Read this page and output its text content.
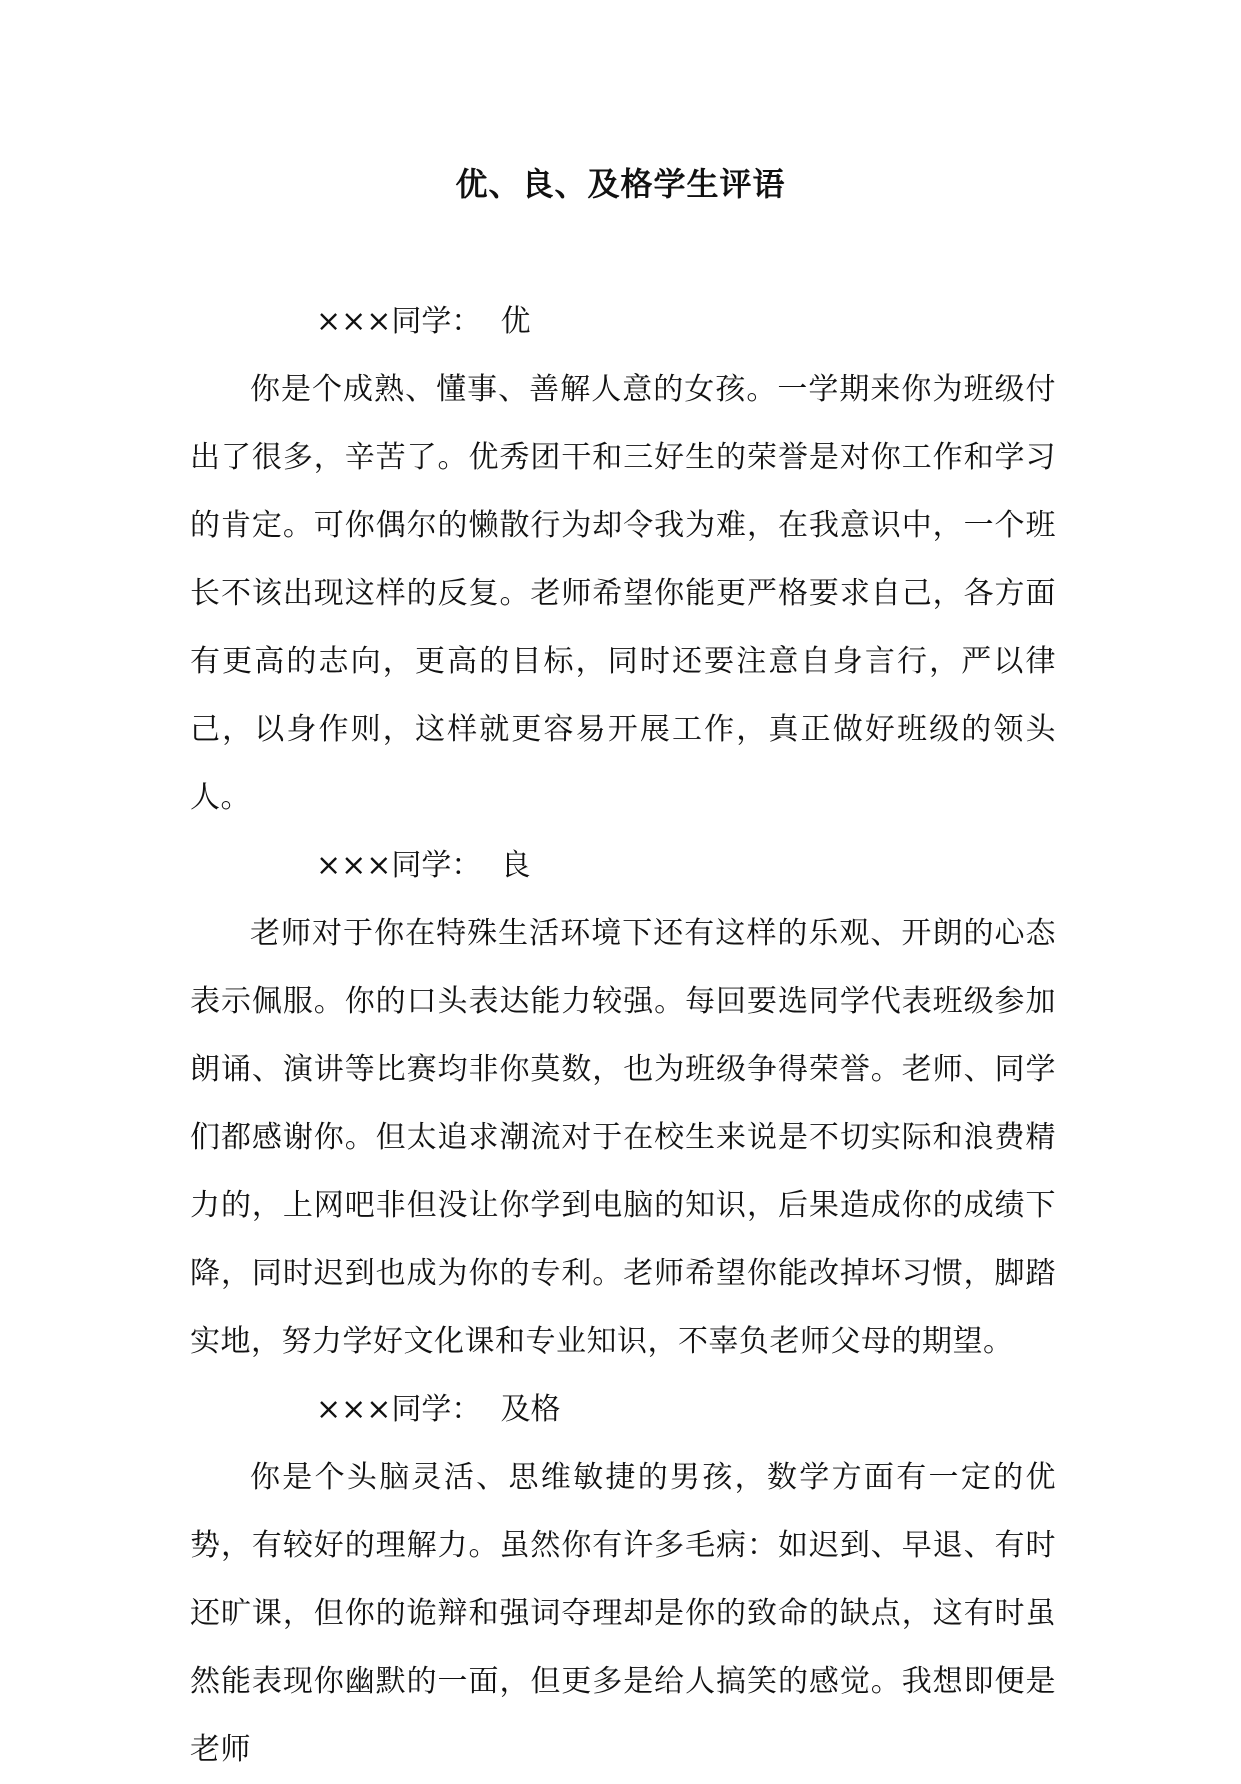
优、良、及格学生评语

×××同学：  优

你是个成熟、懂事、善解人意的女孩。一学期来你为班级付出了很多，辛苦了。优秀团干和三好生的荣誉是对你工作和学习的肯定。可你偶尔的懒散行为却令我为难，在我意识中，一个班长不该出现这样的反复。老师希望你能更严格要求自己，各方面有更高的志向，更高的目标，同时还要注意自身言行，严以律己，以身作则，这样就更容易开展工作，真正做好班级的领头人。

×××同学：  良

老师对于你在特殊生活环境下还有这样的乐观、开朗的心态表示佩服。你的口头表达能力较强。每回要选同学代表班级参加朗诵、演讲等比赛均非你莫数，也为班级争得荣誉。老师、同学们都感谢你。但太追求潮流对于在校生来说是不切实际和浪费精力的，上网吧非但没让你学到电脑的知识，后果造成你的成绩下降，同时迟到也成为你的专利。老师希望你能改掉坏习惯，脚踏实地，努力学好文化课和专业知识，不辜负老师父母的期望。

×××同学：  及格

你是个头脑灵活、思维敏捷的男孩，数学方面有一定的优势，有较好的理解力。虽然你有许多毛病：如迟到、早退、有时还旷课，但你的诡辩和强词夺理却是你的致命的缺点，这有时虽然能表现你幽默的一面，但更多是给人搞笑的感觉。我想即便是老师
